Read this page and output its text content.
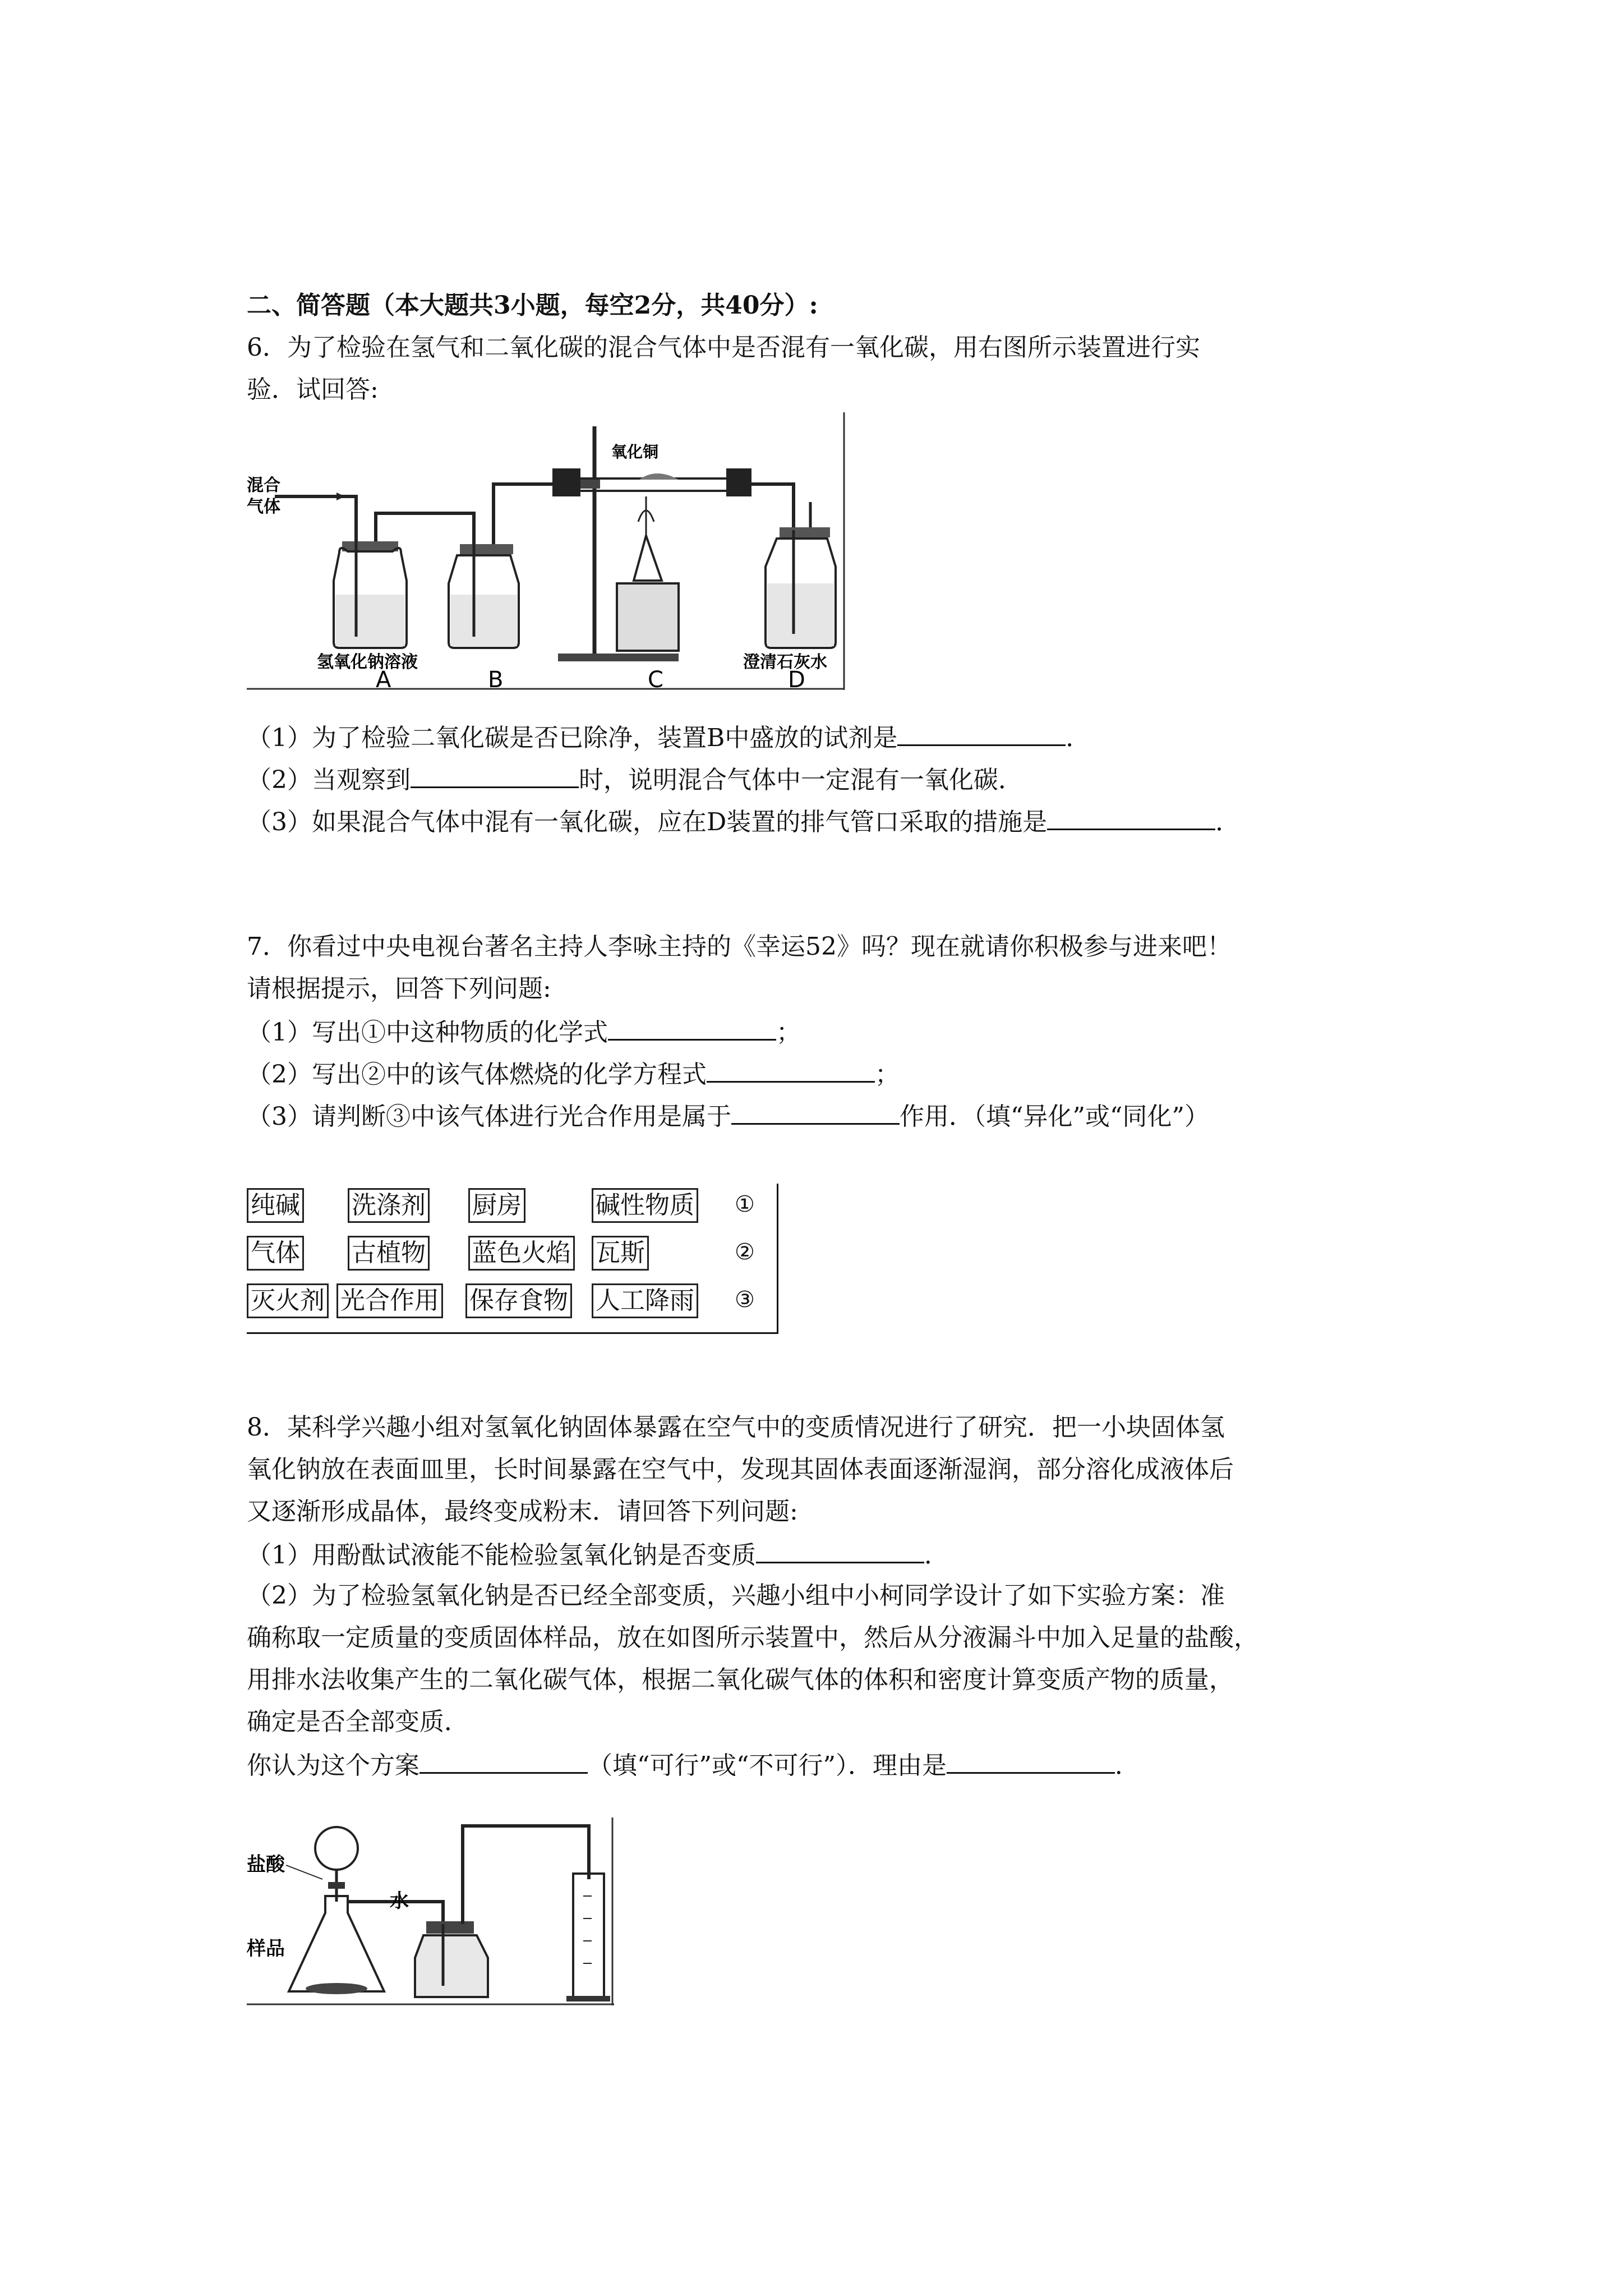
二、简答题（本大题共3小题，每空2分，共40分）:
6．为了检验在氢气和二氧化碳的混合气体中是否混有一氧化碳，用右图所示装置进行实
验．试回答:
混合
气体
氧化铜
氢氧化钠溶液	澄清石灰水
A	B	C	D
（1）为了检验二氧化碳是否已除净，装置B中盛放的试剂是	．
（2）当观察到	时，说明混合气体中一定混有一氧化碳．
（3）如果混合气体中混有一氧化碳，应在D装置的排气管口采取的措施是	．
7．你看过中央电视台著名主持人李咏主持的《幸运52》吗？现在就请你积极参与进来吧！
请根据提示，回答下列问题:
（1）写出①中这种物质的化学式	；
（2）写出②中的该气体燃烧的化学方程式	；
（3）请判断③中该气体进行光合作用是属于	作用．（填“异化”或“同化”）
纯碱 洗涤剂 厨房	碱性物质 ①
气体 古植物 蓝色火焰 瓦斯	②
灭火剂 光合作用 保存食物 人工降雨 ③
8．某科学兴趣小组对氢氧化钠固体暴露在空气中的变质情况进行了研究．把一小块固体氢
氧化钠放在表面皿里，长时间暴露在空气中，发现其固体表面逐渐湿润，部分溶化成液体后
又逐渐形成晶体，最终变成粉末．请回答下列问题:
（1）用酚酞试液能不能检验氢氧化钠是否变质	．
（2）为了检验氢氧化钠是否已经全部变质，兴趣小组中小柯同学设计了如下实验方案：准
确称取一定质量的变质固体样品，放在如图所示装置中，然后从分液漏斗中加入足量的盐酸，
用排水法收集产生的二氧化碳气体，根据二氧化碳气体的体积和密度计算变质产物的质量，
确定是否全部变质．
你认为这个方案	（填“可行”或“不可行”）．理由是	．
盐酸
水
样品
